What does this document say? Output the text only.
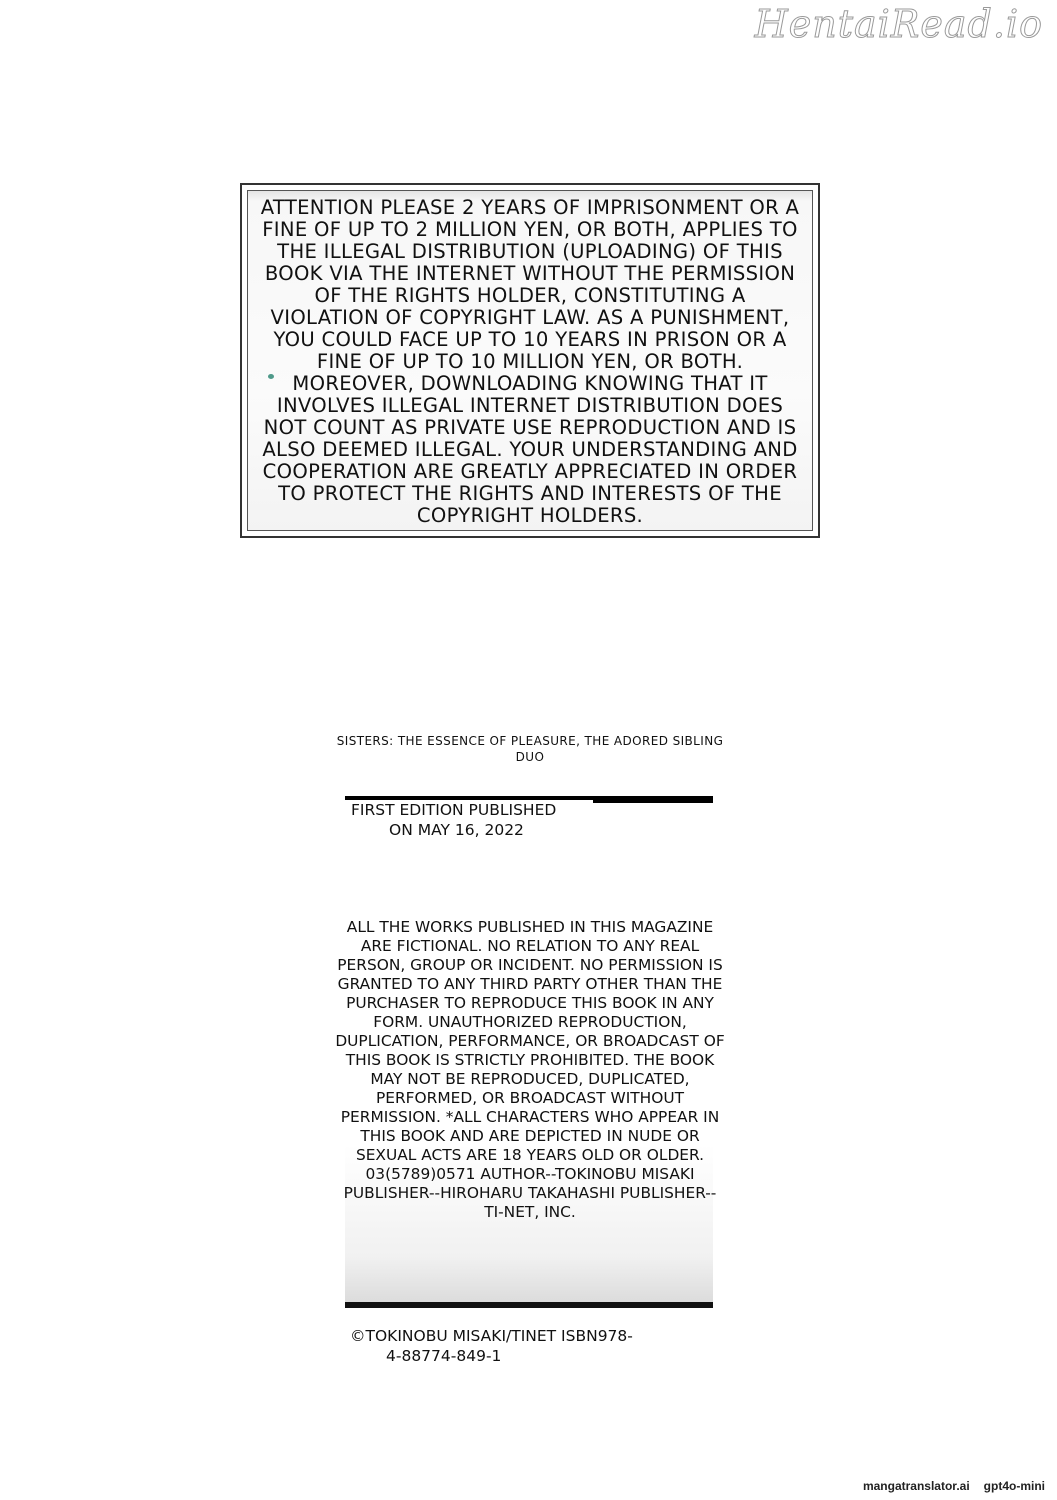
HentaiRead.io
ATTENTION PLEASE 2 YEARS OF IMPRISONMENT OR A FINE OF UP TO 2 MILLION YEN, OR BOTH, APPLIES TO THE ILLEGAL DISTRIBUTION (UPLOADING) OF THIS BOOK VIA THE INTERNET WITHOUT THE PERMISSION OF THE RIGHTS HOLDER, CONSTITUTING A VIOLATION OF COPYRIGHT LAW. AS A PUNISHMENT, YOU COULD FACE UP TO 10 YEARS IN PRISON OR A FINE OF UP TO 10 MILLION YEN, OR BOTH. MOREOVER, DOWNLOADING KNOWING THAT IT INVOLVES ILLEGAL INTERNET DISTRIBUTION DOES NOT COUNT AS PRIVATE USE REPRODUCTION AND IS ALSO DEEMED ILLEGAL. YOUR UNDERSTANDING AND COOPERATION ARE GREATLY APPRECIATED IN ORDER TO PROTECT THE RIGHTS AND INTERESTS OF THE COPYRIGHT HOLDERS.
SISTERS: THE ESSENCE OF PLEASURE, THE ADORED SIBLING DUO
FIRST EDITION PUBLISHED
ON MAY 16, 2022
ALL THE WORKS PUBLISHED IN THIS MAGAZINE ARE FICTIONAL. NO RELATION TO ANY REAL PERSON, GROUP OR INCIDENT. NO PERMISSION IS GRANTED TO ANY THIRD PARTY OTHER THAN THE PURCHASER TO REPRODUCE THIS BOOK IN ANY FORM. UNAUTHORIZED REPRODUCTION, DUPLICATION, PERFORMANCE, OR BROADCAST OF THIS BOOK IS STRICTLY PROHIBITED. THE BOOK MAY NOT BE REPRODUCED, DUPLICATED, PERFORMED, OR BROADCAST WITHOUT PERMISSION. *ALL CHARACTERS WHO APPEAR IN THIS BOOK AND ARE DEPICTED IN NUDE OR SEXUAL ACTS ARE 18 YEARS OLD OR OLDER. 03(5789)0571 AUTHOR--TOKINOBU MISAKI PUBLISHER--HIROHARU TAKAHASHI PUBLISHER--TI-NET, INC.
©TOKINOBU MISAKI/TINET ISBN978-
4-88774-849-1
mangatranslator.ai gpt4o-mini
